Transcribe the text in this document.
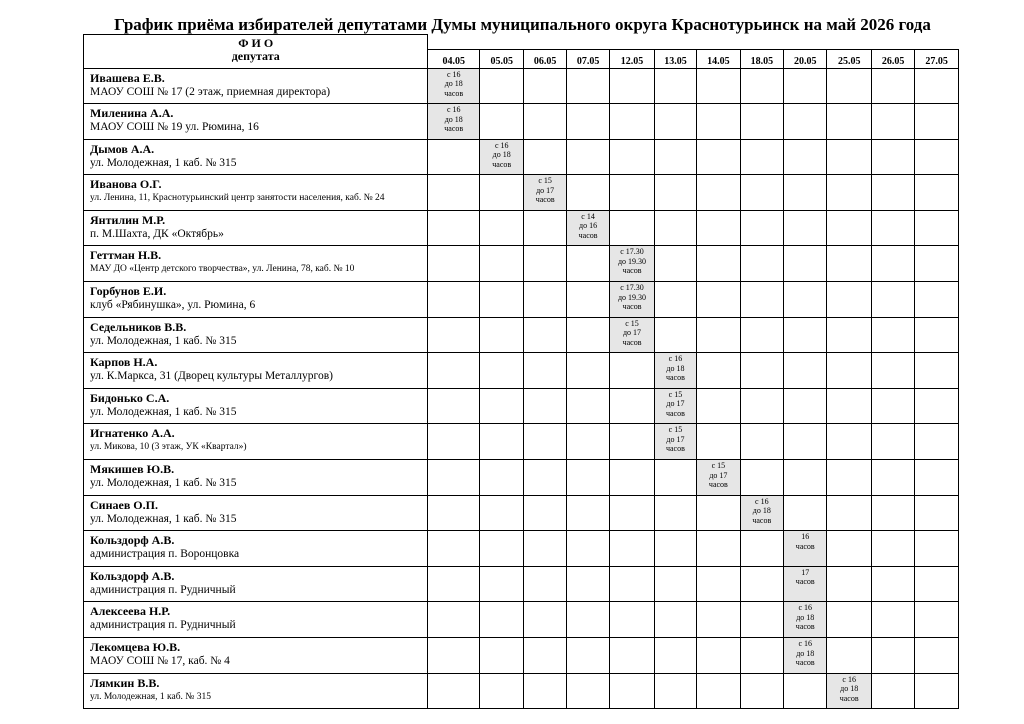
График приёма избирателей депутатами Думы муниципального округа Краснотурьинск на май 2026 года
Ф И О
депутата												
	04.05	05.05	06.05	07.05	12.05	13.05	14.05	18.05	20.05	25.05	26.05	27.05

Ивашева Е.В.
МАОУ СОШ № 17 (2 этаж, приемная директора)	с 16
до 18
часов											

Миленина А.А.
МАОУ СОШ № 19 ул. Рюмина, 16	с 16
до 18
часов											

Дымов А.А.
ул. Молодежная, 1 каб. № 315		с 16
до 18
часов										

Иванова О.Г.
ул. Ленина, 11, Краснотурьинский центр занятости населения, каб. № 24			с 15
до 17
часов									

Янтилин М.Р.
п. М.Шахта, ДК «Октябрь»				с 14
до 16
часов								

Геттман Н.В.
МАУ ДО «Центр детского творчества», ул. Ленина, 78, каб. № 10					с 17.30
до 19.30
часов							

Горбунов Е.И.
клуб «Рябинушка», ул. Рюмина, 6					с 17.30
до 19.30
часов							

Седельников В.В.
ул. Молодежная, 1 каб. № 315					с 15
до 17
часов							

Карпов Н.А.
ул. К.Маркса, 31 (Дворец культуры Металлургов)						с 16
до 18
часов						

Бидонько С.А.
ул. Молодежная, 1 каб. № 315						с 15
до 17
часов						

Игнатенко А.А.
ул. Микова, 10 (3 этаж, УК «Квартал»)						с 15
до 17
часов						

Мякишев Ю.В.
ул. Молодежная, 1 каб. № 315							с 15
до 17
часов					

Синаев О.П.
ул. Молодежная, 1 каб. № 315								с 16
до 18
часов				

Кольздорф А.В.
администрация п. Воронцовка									16
часов			

Кольздорф А.В.
администрация п. Рудничный									17
часов			

Алексеева Н.Р.
администрация п. Рудничный									с 16
до 18
часов			

Лекомцева Ю.В.
МАОУ СОШ № 17, каб. № 4									с 16
до 18
часов			

Лямкин В.В.
ул. Молодежная, 1 каб. № 315										с 16
до 18
часов		
